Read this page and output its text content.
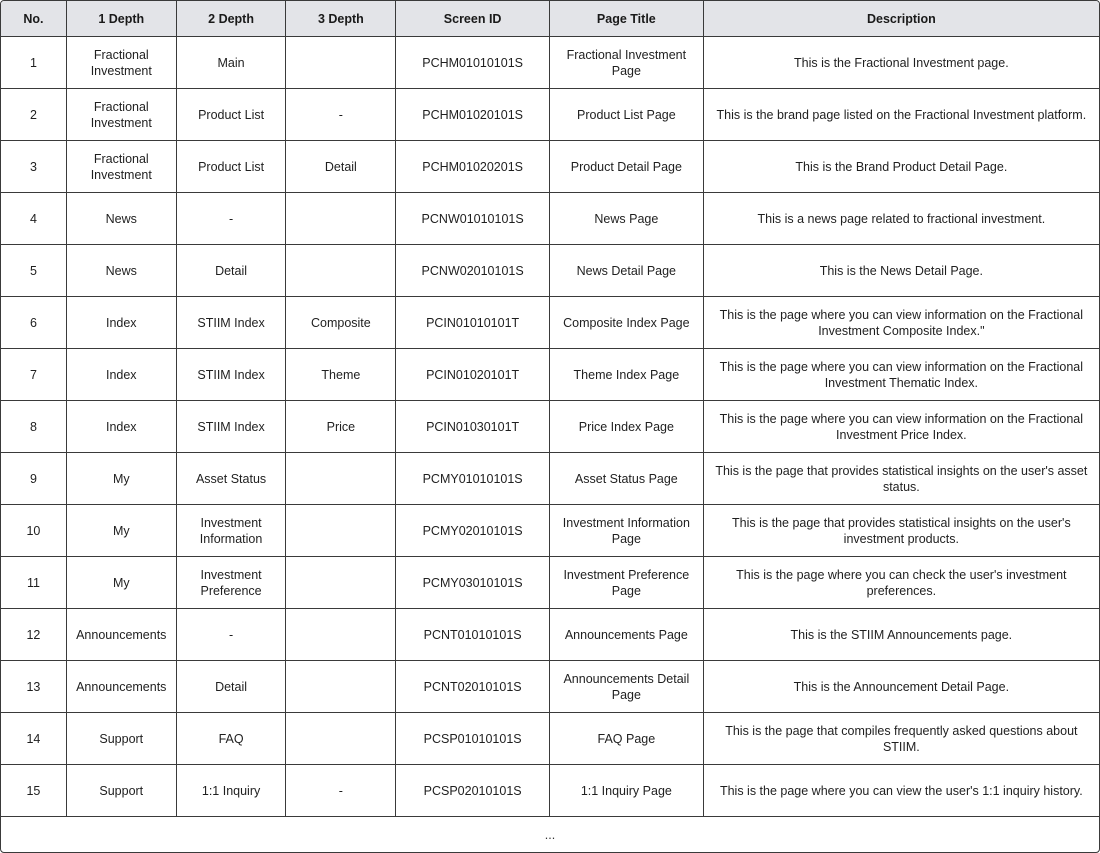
No.	1 Depth	2 Depth	3 Depth	Screen ID	Page Title	Description
1	Fractional Investment	Main		PCHM01010101S	Fractional Investment Page	This is the Fractional Investment page.
2	Fractional Investment	Product List	-	PCHM01020101S	Product List Page	This is the brand page listed on the Fractional Investment platform.
3	Fractional Investment	Product List	Detail	PCHM01020201S	Product Detail Page	This is the Brand Product Detail Page.
4	News	-		PCNW01010101S	News Page	This is a news page related to fractional investment.
5	News	Detail		PCNW02010101S	News Detail Page	This is the News Detail Page.
6	Index	STIIM Index	Composite	PCIN01010101T	Composite Index Page	This is the page where you can view information on the Fractional Investment Composite Index."
7	Index	STIIM Index	Theme	PCIN01020101T	Theme Index Page	This is the page where you can view information on the Fractional Investment Thematic Index.
8	Index	STIIM Index	Price	PCIN01030101T	Price Index Page	This is the page where you can view information on the Fractional Investment Price Index.
9	My	Asset Status		PCMY01010101S	Asset Status Page	This is the page that provides statistical insights on the user's asset status.
10	My	Investment Information		PCMY02010101S	Investment Information Page	This is the page that provides statistical insights on the user's investment products.
11	My	Investment Preference		PCMY03010101S	Investment Preference Page	This is the page where you can check the user's investment preferences.
12	Announcements	-		PCNT01010101S	Announcements Page	This is the STIIM Announcements page.
13	Announcements	Detail		PCNT02010101S	Announcements Detail Page	This is the Announcement Detail Page.
14	Support	FAQ		PCSP01010101S	FAQ Page	This is the page that compiles frequently asked questions about STIIM.
15	Support	1:1 Inquiry	-	PCSP02010101S	1:1 Inquiry Page	This is the page where you can view the user's 1:1 inquiry history.
...						
